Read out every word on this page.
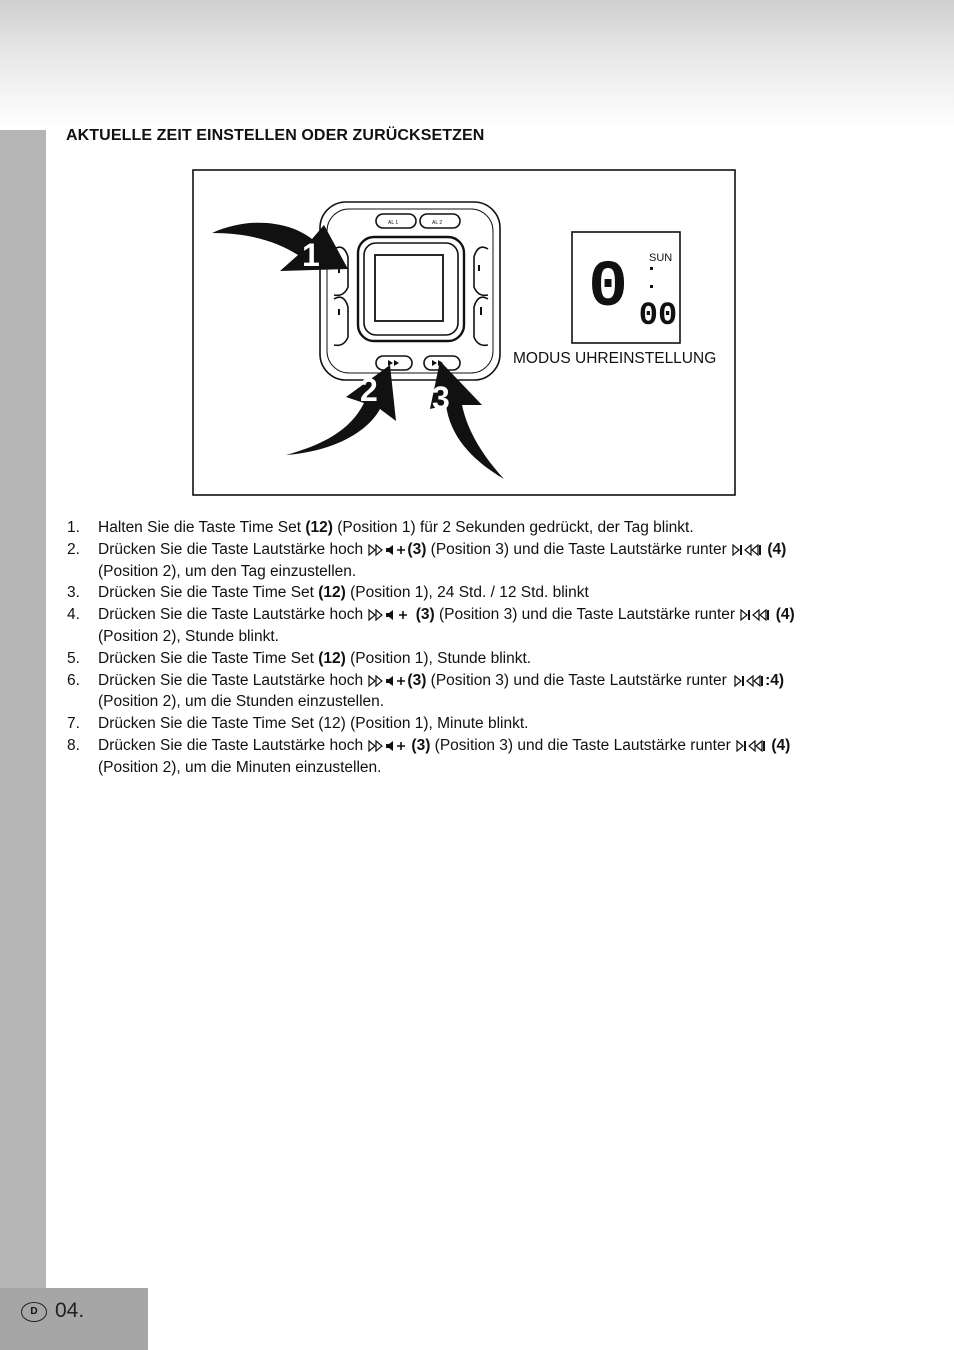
AKTUELLE ZEIT EINSTELLEN ODER ZURÜCKSETZEN
AL 1	AL 2
1
2 3
0 SUN
00
MODUS UHREINSTELLUNG
1. Halten Sie die Taste Time Set (12) (Position 1) für 2 Sekunden gedrückt, der Tag blinkt.
2. Drücken Sie die Taste Lautstärke hoch	(3) (Position 3) und die Taste Lautstärke runter  (4)
(Position 2), um den Tag einzustellen.
3. Drücken Sie die Taste Time Set (12) (Position 1), 24 Std. / 12 Std. blinkt
4. Drücken Sie die Taste Lautstärke hoch	(3) (Position 3) und die Taste Lautstärke runter  (4)
(Position 2), Stunde blinkt.
5. Drücken Sie die Taste Time Set (12) (Position 1), Stunde blinkt.
6. Drücken Sie die Taste Lautstärke hoch	(3) (Position 3) und die Taste Lautstärke runter :4)
(Position 2), um die Stunden einzustellen.
7. Drücken Sie die Taste Time Set (12) (Position 1), Minute blinkt.
8. Drücken Sie die Taste Lautstärke hoch	(3) (Position 3) und die Taste Lautstärke runter  (4)
(Position 2), um die Minuten einzustellen.
D 04.
